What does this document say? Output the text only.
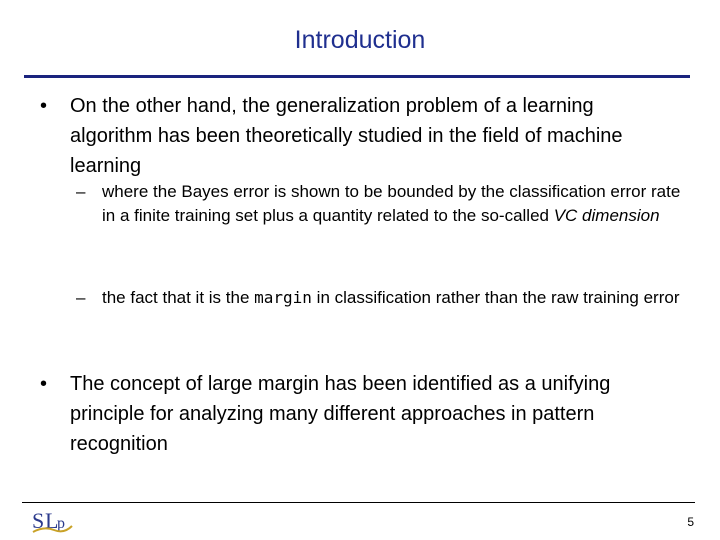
Introduction
• On the other hand, the generalization problem of a learning algorithm has been theoretically studied in the field of machine learning
– where the Bayes error is shown to be bounded by the classification error rate in a finite training set plus a quantity related to the so-called VC dimension
– the fact that it is the margin in classification rather than the raw training error
• The concept of large margin has been identified as a unifying principle for analyzing many different approaches in pattern recognition
S L
p	5
